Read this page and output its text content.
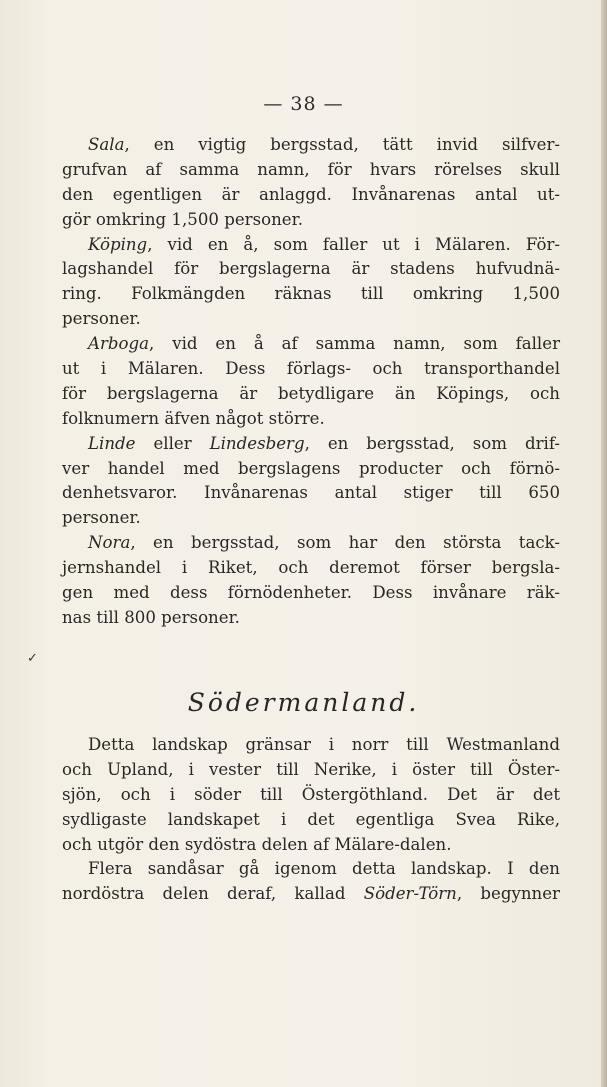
— 38 —
Sala, en vigtig bergsstad, tätt invid silfver-
grufvan af samma namn, för hvars rörelses skull
den egentligen är anlaggd. Invånarenas antal ut-
gör omkring 1,500 personer.
Köping, vid en å, som faller ut i Mälaren. För-
lagshandel för bergslagerna är stadens hufvudnä-
ring. Folkmängden räknas till omkring 1,500
personer.
Arboga, vid en å af samma namn, som faller
ut i Mälaren. Dess förlags- och transporthandel
för bergslagerna är betydligare än Köpings, och
folknumern äfven något större.
Linde eller Lindesberg, en bergsstad, som drif-
ver handel med bergslagens producter och förnö-
denhetsvaror. Invånarenas antal stiger till 650
personer.
Nora, en bergsstad, som har den största tack-
jernshandel i Riket, och deremot förser bergsla-
gen med dess förnödenheter. Dess invånare räk-
nas till 800 personer.
✓
Södermanland.
Detta landskap gränsar i norr till Westmanland
och Upland, i vester till Nerike, i öster till Öster-
sjön, och i söder till Östergöthland. Det är det
sydligaste landskapet i det egentliga Svea Rike,
och utgör den sydöstra delen af Mälare-dalen.
Flera sandåsar gå igenom detta landskap. I den
nordöstra delen deraf, kallad Söder-Törn, begynner
